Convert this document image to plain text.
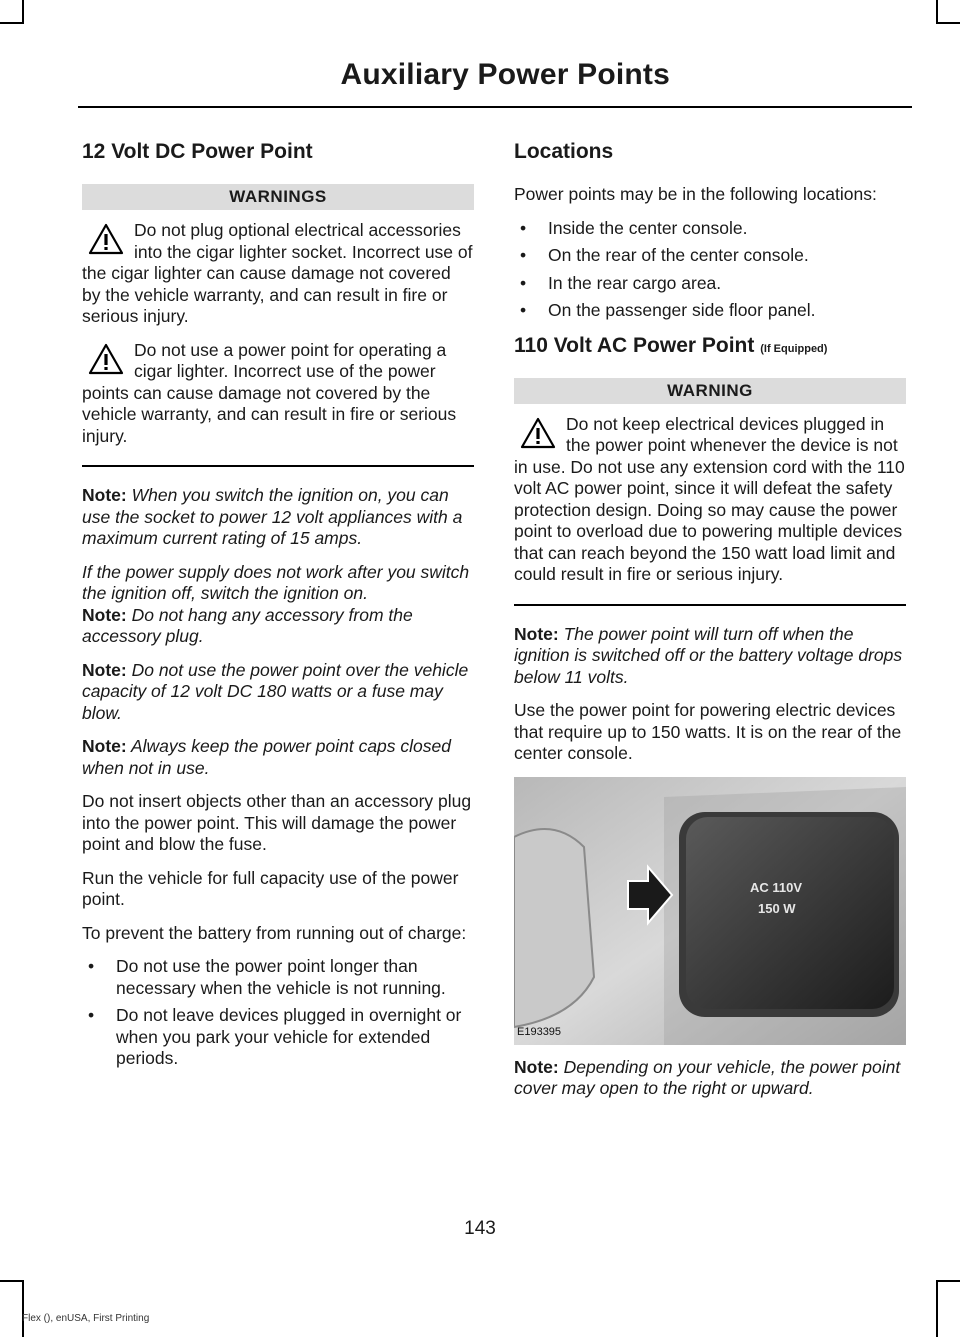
Auxiliary Power Points
12 Volt DC Power Point
WARNINGS
Do not plug optional electrical accessories into the cigar lighter socket. Incorrect use of the cigar lighter can cause damage not covered by the vehicle warranty, and can result in fire or serious injury.
Do not use a power point for operating a cigar lighter. Incorrect use of the power points can cause damage not covered by the vehicle warranty, and can result in fire or serious injury.

Note: When you switch the ignition on, you can use the socket to power 12 volt appliances with a maximum current rating of 15 amps.

If the power supply does not work after you switch the ignition off, switch the ignition on.

Note: Do not hang any accessory from the accessory plug.

Note: Do not use the power point over the vehicle capacity of 12 volt DC 180 watts or a fuse may blow.

Note: Always keep the power point caps closed when not in use.

Do not insert objects other than an accessory plug into the power point. This will damage the power point and blow the fuse.

Run the vehicle for full capacity use of the power point.

To prevent the battery from running out of charge:

• Do not use the power point longer than necessary when the vehicle is not running.
• Do not leave devices plugged in overnight or when you park your vehicle for extended periods.
Locations

Power points may be in the following locations:

• Inside the center console.
• On the rear of the center console.
• In the rear cargo area.
• On the passenger side floor panel.
110 Volt AC Power Point (If Equipped)
WARNING
Do not keep electrical devices plugged in the power point whenever the device is not in use. Do not use any extension cord with the 110 volt AC power point, since it will defeat the safety protection design. Doing so may cause the power point to overload due to powering multiple devices that can reach beyond the 150 watt load limit and could result in fire or serious injury.

Note: The power point will turn off when the ignition is switched off or the battery voltage drops below 11 volts.

Use the power point for powering electric devices that require up to 150 watts. It is on the rear of the center console.

AC 110V
150 W
E193395

Note: Depending on your vehicle, the power point cover may open to the right or upward.

143
Flex (), enUSA, First Printing
